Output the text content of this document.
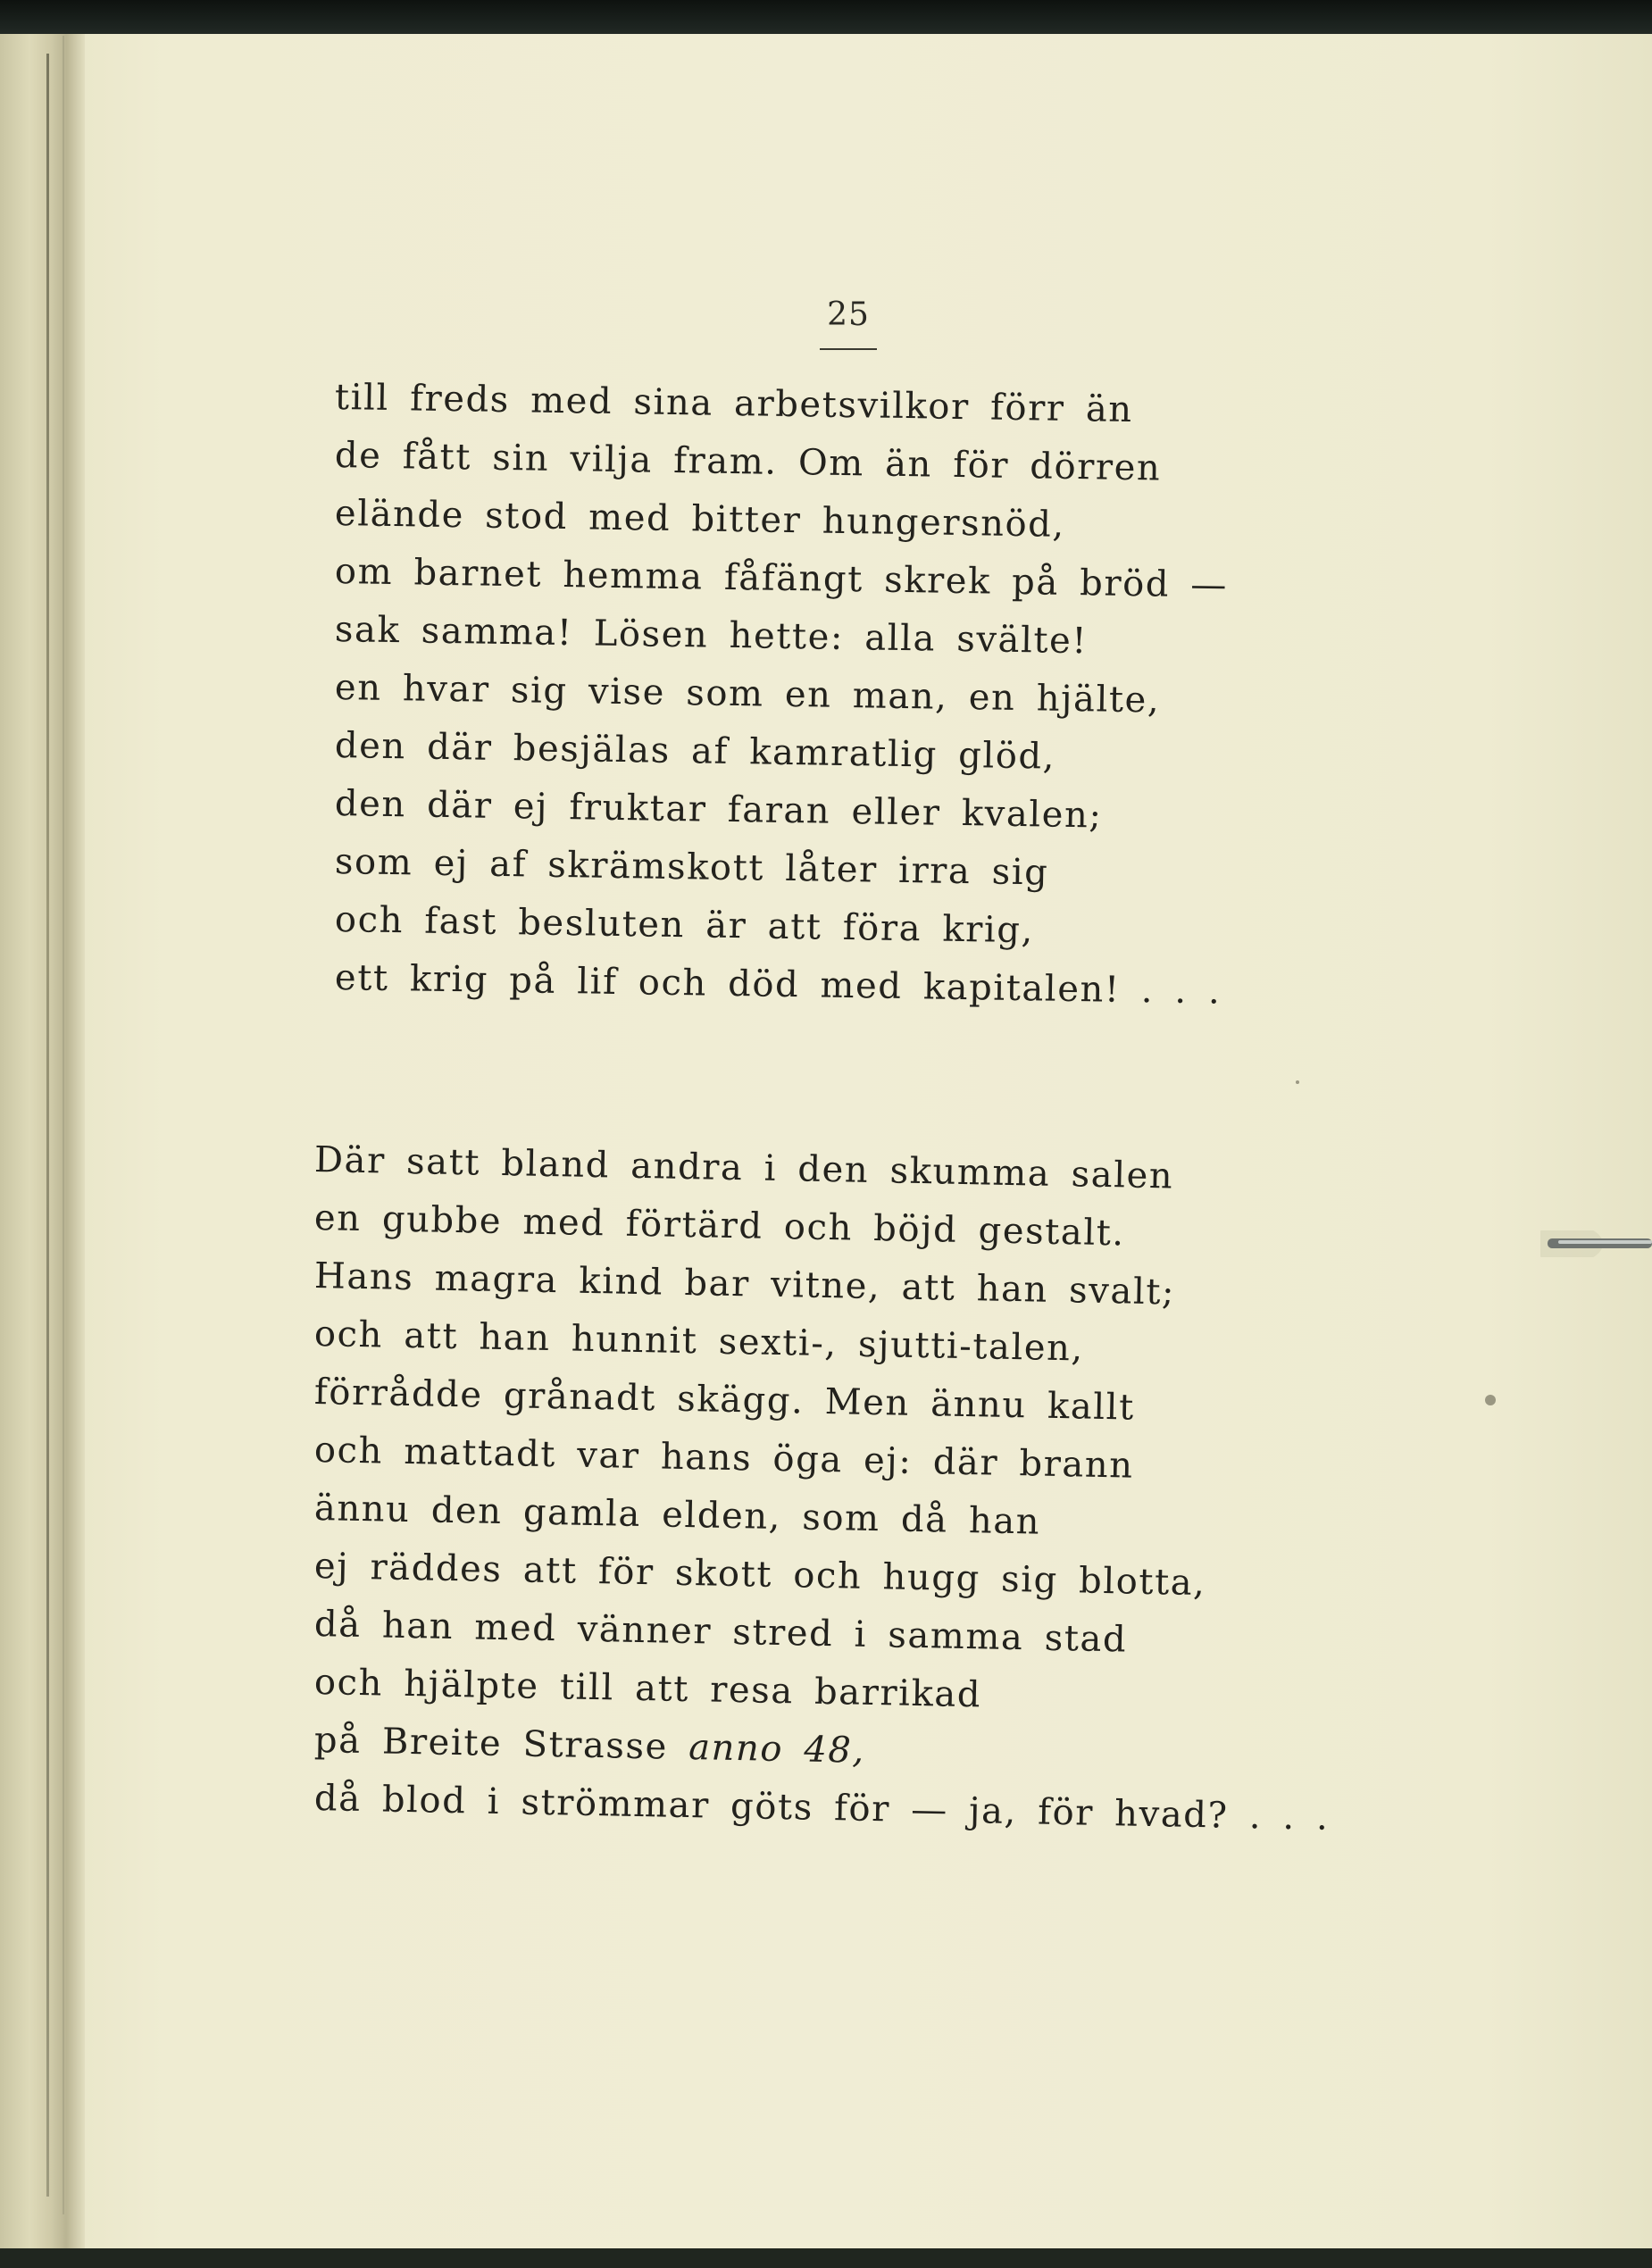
25
till freds med sina arbetsvilkor förr än
de fått sin vilja fram. Om än för dörren
elände stod med bitter hungersnöd,
om barnet hemma fåfängt skrek på bröd —
sak samma! Lösen hette: alla svälte!
en hvar sig vise som en man, en hjälte,
den där besjälas af kamratlig glöd,
den där ej fruktar faran eller kvalen;
som ej af skrämskott låter irra sig
och fast besluten är att föra krig,
ett krig på lif och död med kapitalen! . . .
Där satt bland andra i den skumma salen
en gubbe med förtärd och böjd gestalt.
Hans magra kind bar vitne, att han svalt;
och att han hunnit sexti-, sjutti-talen,
förrådde grånadt skägg. Men ännu kallt
och mattadt var hans öga ej: där brann
ännu den gamla elden, som då han
ej räddes att för skott och hugg sig blotta,
då han med vänner stred i samma stad
och hjälpte till att resa barrikad
på Breite Strasse anno 48,
då blod i strömmar göts för — ja, för hvad? . . .
